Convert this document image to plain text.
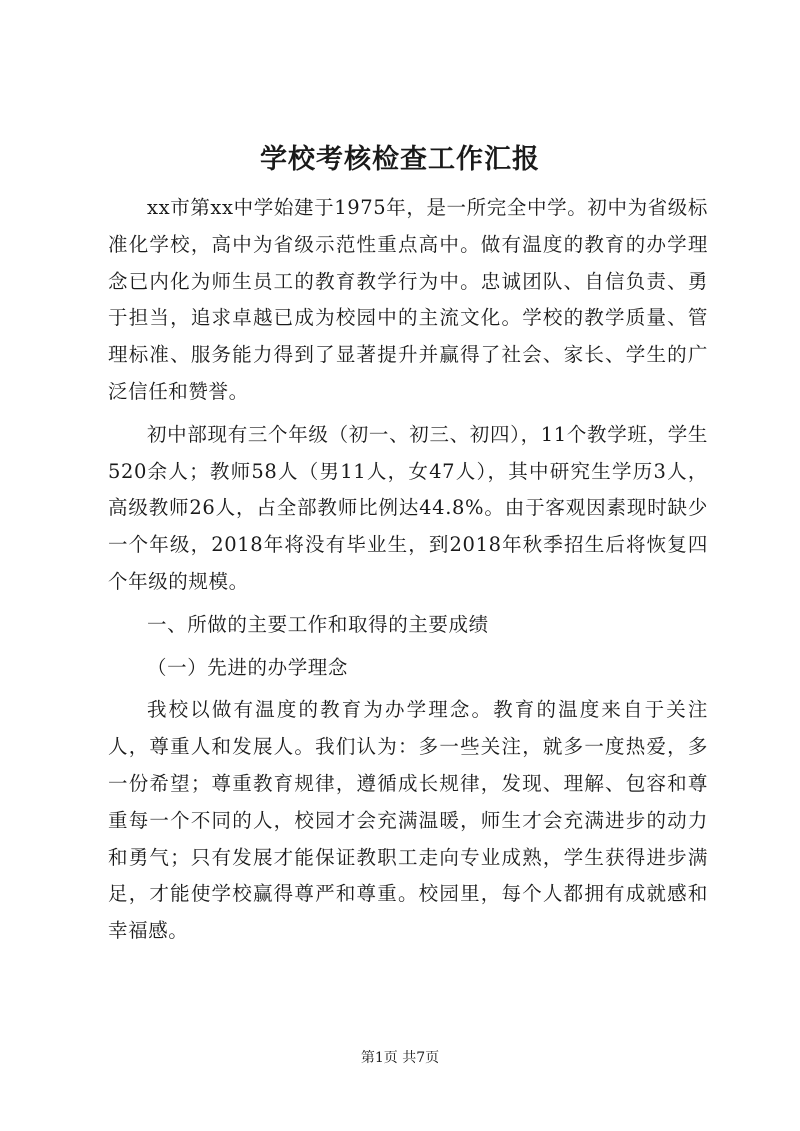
学校考核检查工作汇报

xx市第xx中学始建于1975年，是一所完全中学。初中为省级标准化学校，高中为省级示范性重点高中。做有温度的教育的办学理念已内化为师生员工的教育教学行为中。忠诚团队、自信负责、勇于担当，追求卓越已成为校园中的主流文化。学校的教学质量、管理标准、服务能力得到了显著提升并赢得了社会、家长、学生的广泛信任和赞誉。

初中部现有三个年级（初一、初三、初四），11个教学班，学生520余人；教师58人（男11人，女47人），其中研究生学历3人，高级教师26人，占全部教师比例达44.8%。由于客观因素现时缺少一个年级，2018年将没有毕业生，到2018年秋季招生后将恢复四个年级的规模。

一、所做的主要工作和取得的主要成绩

（一）先进的办学理念

我校以做有温度的教育为办学理念。教育的温度来自于关注人，尊重人和发展人。我们认为：多一些关注，就多一度热爱，多一份希望；尊重教育规律，遵循成长规律，发现、理解、包容和尊重每一个不同的人，校园才会充满温暖，师生才会充满进步的动力和勇气；只有发展才能保证教职工走向专业成熟，学生获得进步满足，才能使学校赢得尊严和尊重。校园里，每个人都拥有成就感和幸福感。

第1页 共7页
